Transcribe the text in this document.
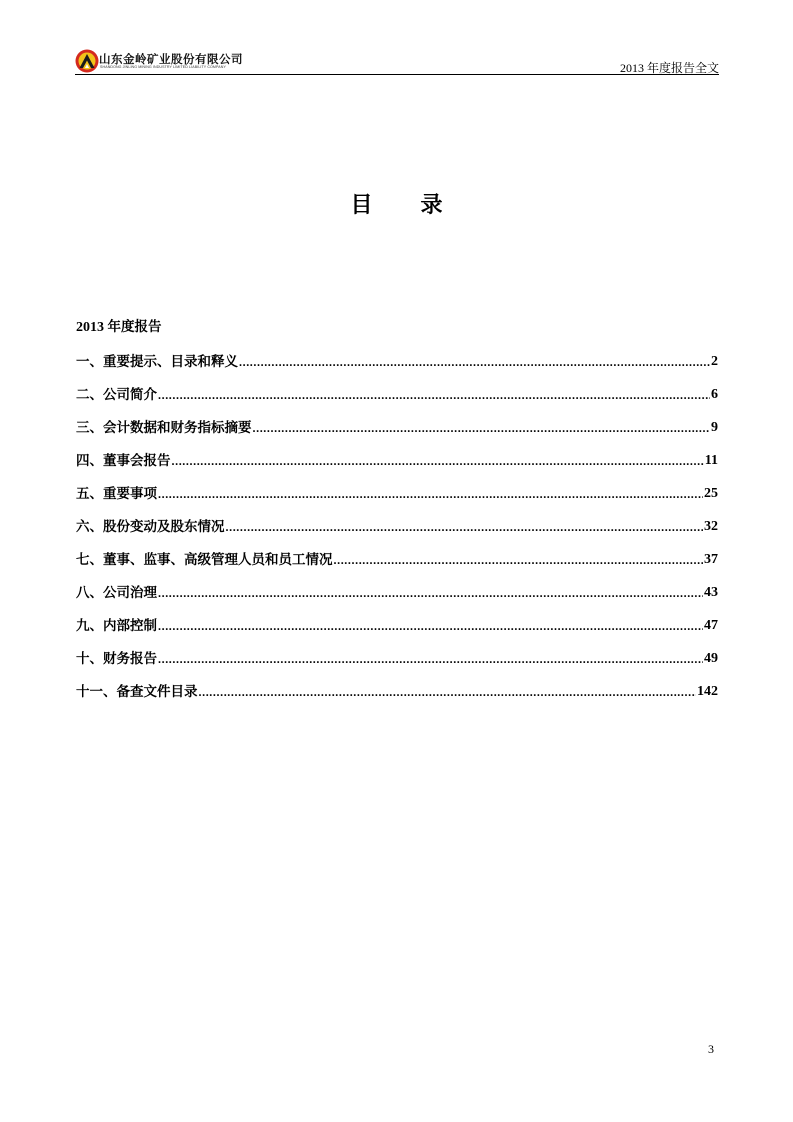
山东金岭矿业股份有限公司
SHANDONG JINLING MINING INDUSTRY LIMITED LIABILITY COMPANY	2013 年度报告全文
目 录
2013 年度报告
一、重要提示、目录和释义 .....	2
二、公司简介 .....	6
三、会计数据和财务指标摘要 .....	9
四、董事会报告 .....	11
五、重要事项 .....	25
六、股份变动及股东情况 .....	32
七、董事、监事、高级管理人员和员工情况 .....	37
八、公司治理 .....	43
九、内部控制 .....	47
十、财务报告 .....	49
十一、备查文件目录 .....	142
3
